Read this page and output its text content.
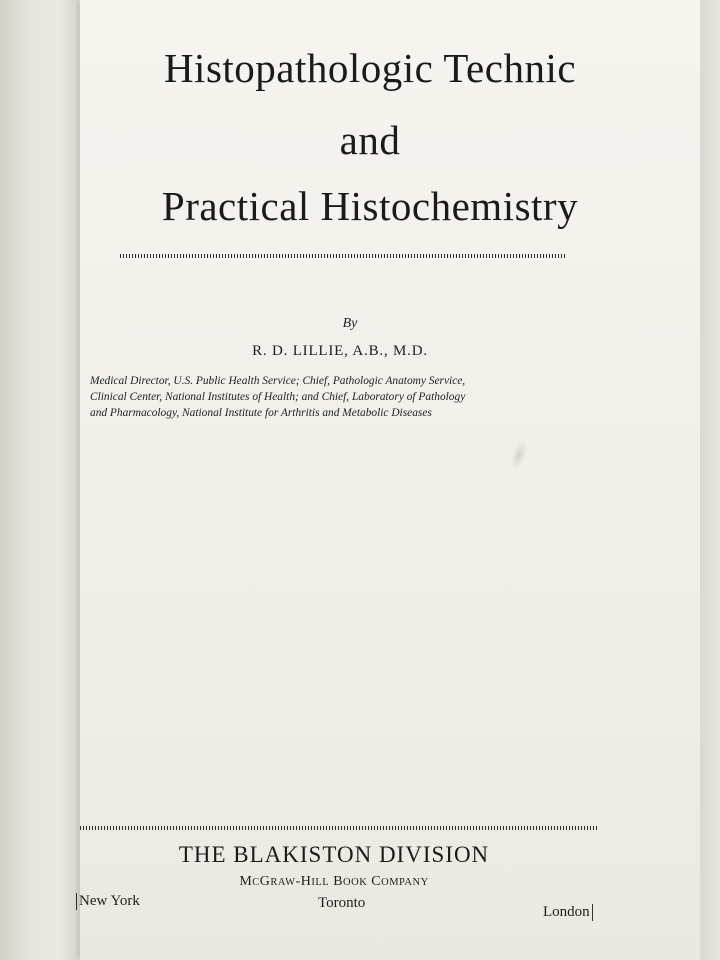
Histopathologic Technic
and
Practical Histochemistry
By
R. D. LILLIE, A.B., M.D.
Medical Director, U.S. Public Health Service; Chief, Pathologic Anatomy Service,
Clinical Center, National Institutes of Health; and Chief, Laboratory of Pathology
and Pharmacology, National Institute for Arthritis and Metabolic Diseases
THE BLAKISTON DIVISION
MCGRAW-HILL BOOK COMPANY
New York	Toronto
London
